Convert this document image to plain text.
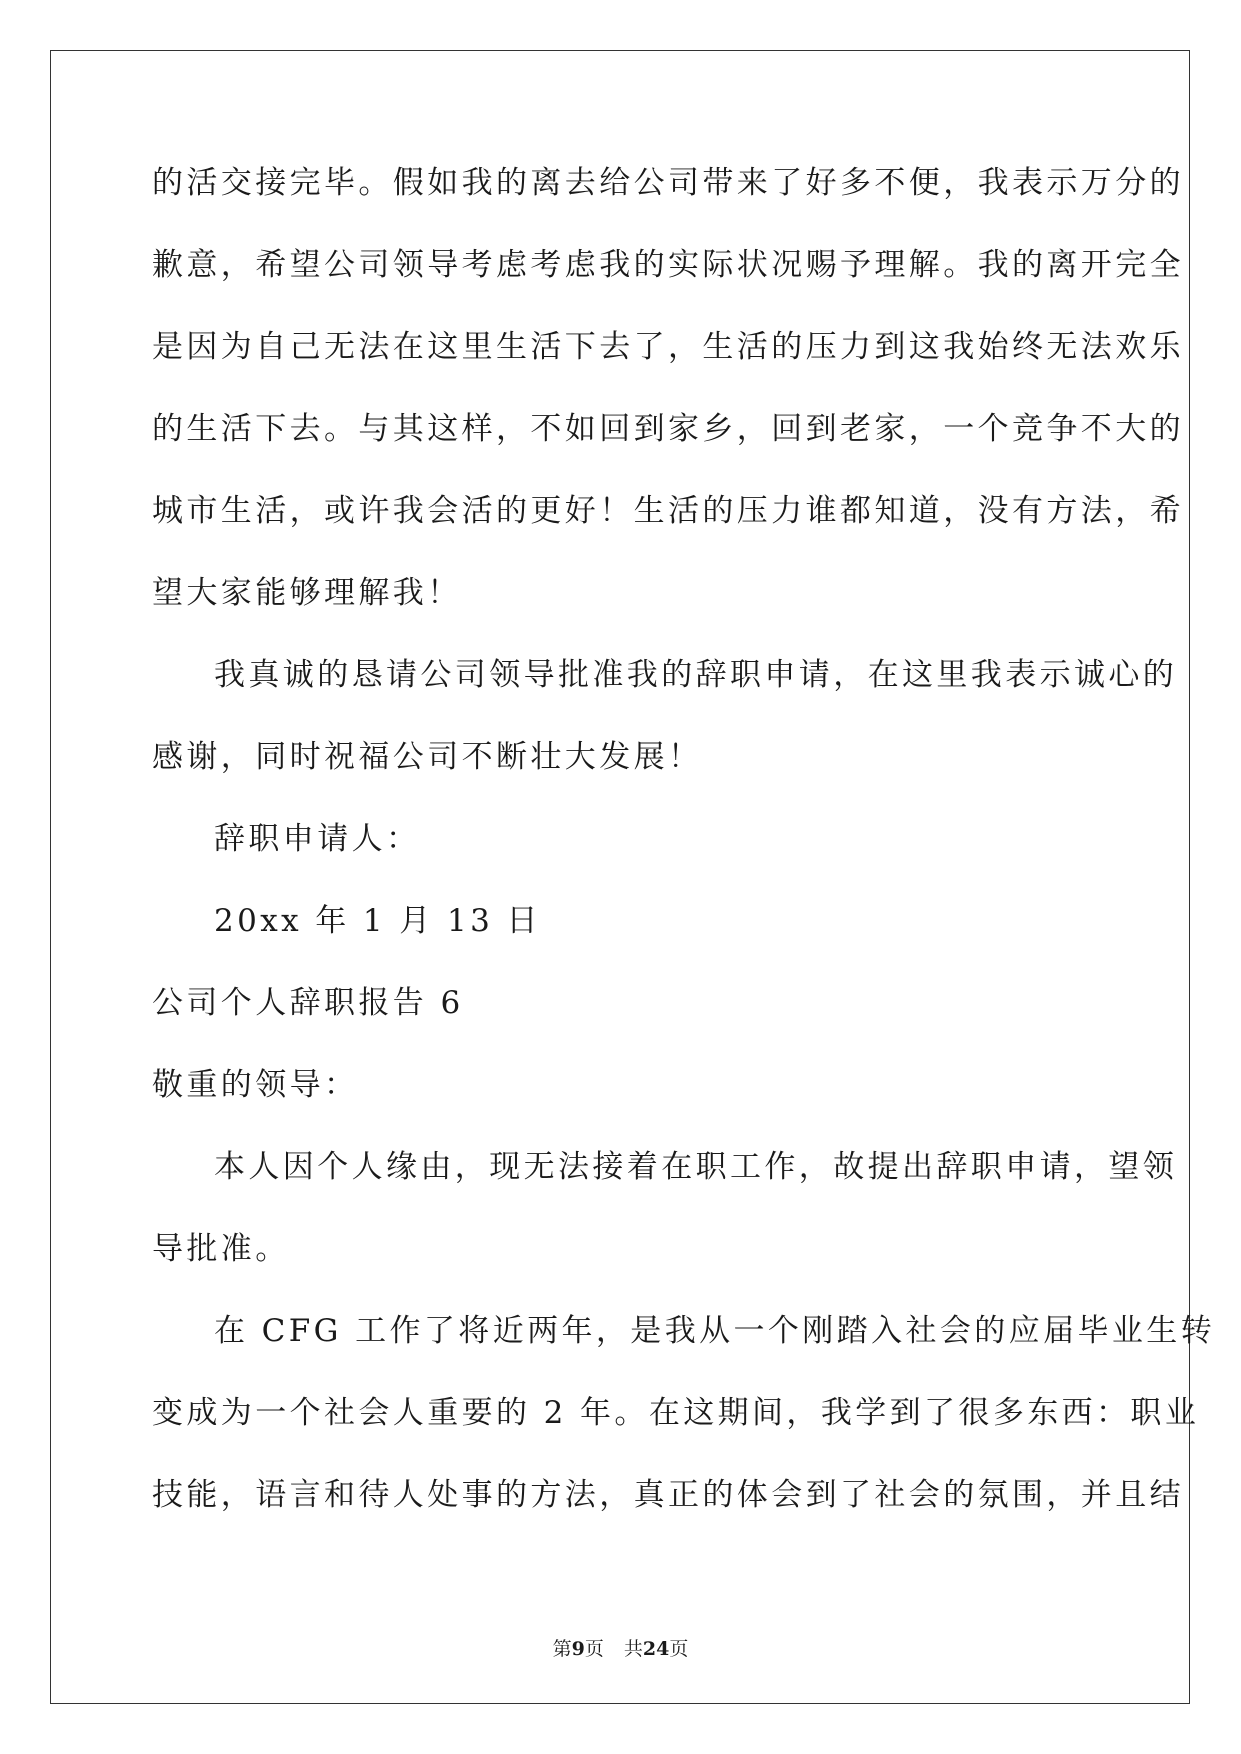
的活交接完毕。假如我的离去给公司带来了好多不便，我表示万分的
歉意，希望公司领导考虑考虑我的实际状况赐予理解。我的离开完全
是因为自己无法在这里生活下去了，生活的压力到这我始终无法欢乐
的生活下去。与其这样，不如回到家乡，回到老家，一个竞争不大的
城市生活，或许我会活的更好！生活的压力谁都知道，没有方法，希
望大家能够理解我！
我真诚的恳请公司领导批准我的辞职申请，在这里我表示诚心的
感谢，同时祝福公司不断壮大发展！
辞职申请人：
20xx 年 1 月 13 日
公司个人辞职报告 6
敬重的领导：
本人因个人缘由，现无法接着在职工作，故提出辞职申请，望领
导批准。
在 CFG 工作了将近两年，是我从一个刚踏入社会的应届毕业生转
变成为一个社会人重要的 2 年。在这期间，我学到了很多东西：职业
技能，语言和待人处事的方法，真正的体会到了社会的氛围，并且结
第9页 共24页
